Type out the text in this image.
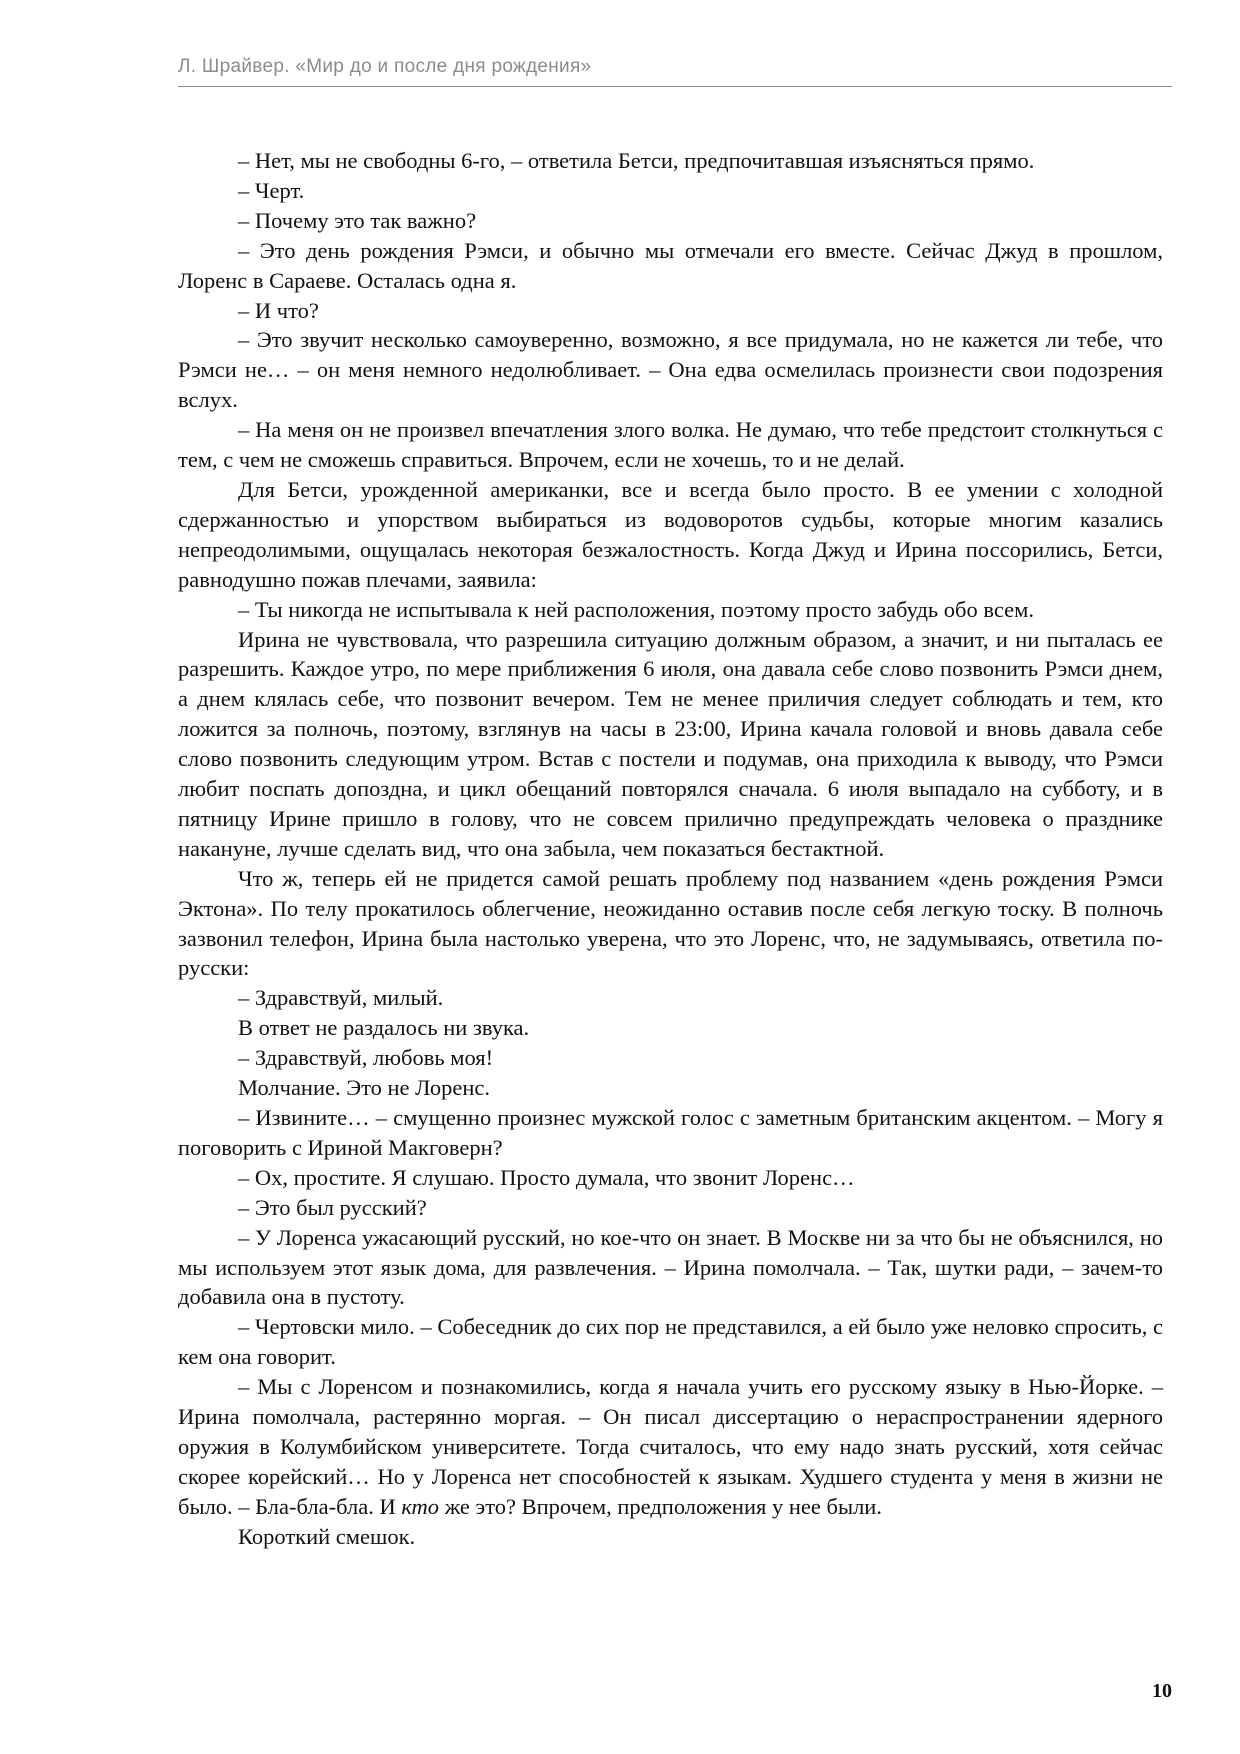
Л. Шрайвер. «Мир до и после дня рождения»

– Нет, мы не свободны 6-го, – ответила Бетси, предпочитавшая изъясняться прямо.

– Черт.

– Почему это так важно?

– Это день рождения Рэмси, и обычно мы отмечали его вместе. Сейчас Джуд в прошлом, Лоренс в Сараеве. Осталась одна я.

– И что?

– Это звучит несколько самоуверенно, возможно, я все придумала, но не кажется ли тебе, что Рэмси не… – он меня немного недолюбливает. – Она едва осмелилась произнести свои подозрения вслух.

– На меня он не произвел впечатления злого волка. Не думаю, что тебе предстоит столкнуться с тем, с чем не сможешь справиться. Впрочем, если не хочешь, то и не делай.

Для Бетси, урожденной американки, все и всегда было просто. В ее умении с холодной сдержанностью и упорством выбираться из водоворотов судьбы, которые многим казались непреодолимыми, ощущалась некоторая безжалостность. Когда Джуд и Ирина поссорились, Бетси, равнодушно пожав плечами, заявила:

– Ты никогда не испытывала к ней расположения, поэтому просто забудь обо всем.

Ирина не чувствовала, что разрешила ситуацию должным образом, а значит, и ни пыталась ее разрешить. Каждое утро, по мере приближения 6 июля, она давала себе слово позвонить Рэмси днем, а днем клялась себе, что позвонит вечером. Тем не менее приличия следует соблюдать и тем, кто ложится за полночь, поэтому, взглянув на часы в 23:00, Ирина качала головой и вновь давала себе слово позвонить следующим утром. Встав с постели и подумав, она приходила к выводу, что Рэмси любит поспать допоздна, и цикл обещаний повторялся сначала. 6 июля выпадало на субботу, и в пятницу Ирине пришло в голову, что не совсем прилично предупреждать человека о празднике накануне, лучше сделать вид, что она забыла, чем показаться бестактной.

Что ж, теперь ей не придется самой решать проблему под названием «день рождения Рэмси Эктона». По телу прокатилось облегчение, неожиданно оставив после себя легкую тоску. В полночь зазвонил телефон, Ирина была настолько уверена, что это Лоренс, что, не задумываясь, ответила по-русски:

– Здравствуй, милый.

В ответ не раздалось ни звука.

– Здравствуй, любовь моя!

Молчание. Это не Лоренс.

– Извините… – смущенно произнес мужской голос с заметным британским акцентом. – Могу я поговорить с Ириной Макговерн?

– Ох, простите. Я слушаю. Просто думала, что звонит Лоренс…

– Это был русский?

– У Лоренса ужасающий русский, но кое-что он знает. В Москве ни за что бы не объяснился, но мы используем этот язык дома, для развлечения. – Ирина помолчала. – Так, шутки ради, – зачем-то добавила она в пустоту.

– Чертовски мило. – Собеседник до сих пор не представился, а ей было уже неловко спросить, с кем она говорит.

– Мы с Лоренсом и познакомились, когда я начала учить его русскому языку в Нью-Йорке. – Ирина помолчала, растерянно моргая. – Он писал диссертацию о нераспространении ядерного оружия в Колумбийском университете. Тогда считалось, что ему надо знать русский, хотя сейчас скорее корейский… Но у Лоренса нет способностей к языкам. Худшего студента у меня в жизни не было. – Бла-бла-бла. И кто же это? Впрочем, предположения у нее были.

Короткий смешок.

10
